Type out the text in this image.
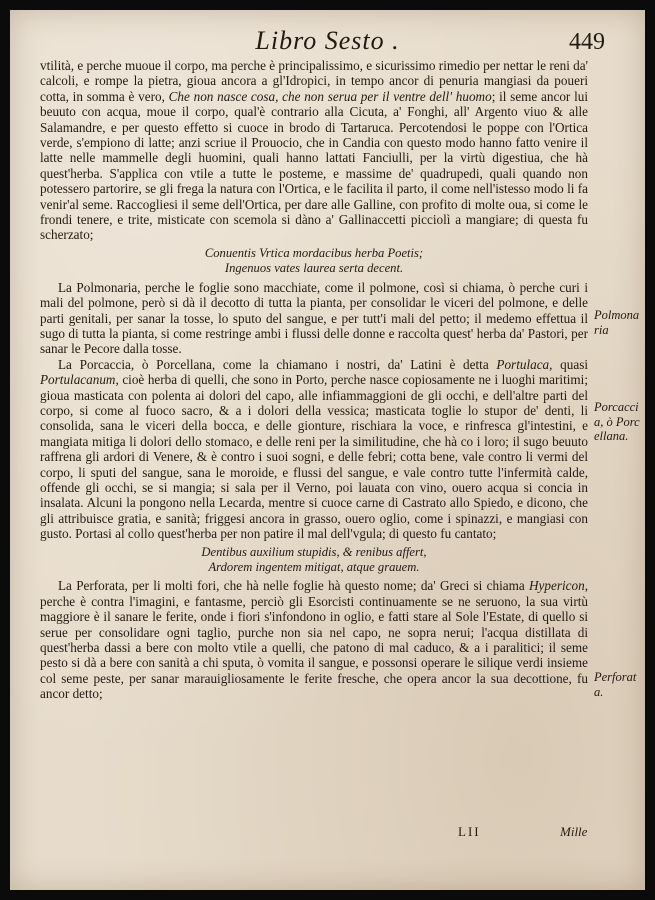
Libro Sesto .	449

vtilità, e perche muoue il corpo, ma perche è principalissimo, e sicurissimo rimedio per nettar le reni da' calcoli, e rompe la pietra, gioua ancora a gl'Idropici, in tempo ancor di penuria mangiasi da poueri cotta, in somma è vero, Che non nasce cosa, che non serua per il ventre dell' huomo; il seme ancor lui beuuto con acqua, moue il corpo, qual'è contrario alla Cicuta, a' Fonghi, all' Argento viuo & alle Salamandre, e per questo effetto si cuoce in brodo di Tartaruca. Percotendosi le poppe con l'Ortica verde, s'empiono di latte; anzi scriue il Prouocio, che in Candia con questo modo hanno fatto venire il latte nelle mammelle degli huomini, quali hanno lattati Fanciulli, per la virtù digestiua, che hà quest'herba. S'applica con vtile a tutte le posteme, e massime de' quadrupedi, quali quando non potessero partorire, se gli frega la natura con l'Ortica, e le facilita il parto, il come nell'istesso modo li fa venir'al seme. Raccogliesi il seme dell'Ortica, per dare alle Galline, con profito di molte oua, si come le frondi tenere, e trite, misticate con scemola si dàno a' Gallinaccetti picciolì a mangiare; di questa fu scherzato;

Conuentis Vrtica mordacibus herba Poetis;
Ingenuos vates laurea serta decent.

La Polmonaria, perche le foglie sono macchiate, come il polmone, così si chiama, ò perche curi i mali del polmone, però si dà il decotto di tutta la pianta, per consolidar le viceri del polmone, e delle parti genitali, per sanar la tosse, lo sputo del sangue, e per tutt'i mali del petto; il medemo effettua il sugo di tutta la pianta, si come restringe ambi i flussi delle donne e raccolta quest' herba da' Pastori, per sanar le Pecore dalla tosse.

La Porcaccia, ò Porcellana, come la chiamano i nostri, da' Latini è detta Portulaca, quasi Portulacanum, cioè herba di quelli, che sono in Porto, perche nasce copiosamente ne i luoghi maritimi; gioua masticata con polenta ai dolori del capo, alle infiammaggioni de gli occhi, e dell'altre parti del corpo, si come al fuoco sacro, & a i dolori della vessica; masticata toglie lo stupor de' denti, li consolida, sana le viceri della bocca, e delle gionture, rischiara la voce, e rinfresca gl'intestini, e mangiata mitiga li dolori dello stomaco, e delle reni per la similitudine, che hà co i loro; il sugo beuuto raffrena gli ardori di Venere, & è contro i suoi sogni, e delle febri; cotta bene, vale contro li vermi del corpo, li sputi del sangue, sana le moroide, e flussi del sangue, e vale contro tutte l'infermità calde, offende gli occhi, se si mangia; si sala per il Verno, poi lauata con vino, ouero acqua si concia in insalata. Alcuni la pongono nella Lecarda, mentre si cuoce carne di Castrato allo Spiedo, e dicono, che gli attribuisce gratia, e sanità; friggesi ancora in grasso, ouero oglio, come i spinazzi, e mangiasi con gusto. Portasi al collo quest'herba per non patire il mal dell'vgula; di questo fu cantato;

Dentibus auxilium stupidis, & renibus affert,
Ardorem ingentem mitigat, atque grauem.

La Perforata, per li molti fori, che hà nelle foglie hà questo nome; da' Greci si chiama Hypericon, perche è contra l'imagini, e fantasme, perciò gli Esorcisti continuamente se ne seruono, la sua virtù maggiore è il sanare le ferite, onde i fiori s'infondono in oglio, e fatti stare al Sole l'Estate, di quello si serue per consolidare ogni taglio, purche non sia nel capo, ne sopra nerui; l'acqua distillata di quest'herba dassi a bere con molto vtile a quelli, che patono di mal caduco, & a i paralitici; il seme pesto si dà a bere con sanità a chi sputa, ò vomita il sangue, e possonsi operare le silique verdi insieme col seme peste, per sanar marauigliosamente le ferite fresche, che opera ancor la sua decottione, fu ancor detto;

Polmonaria
Porcaccia, ò Porcellana.
Perforata.
LII	Mille
